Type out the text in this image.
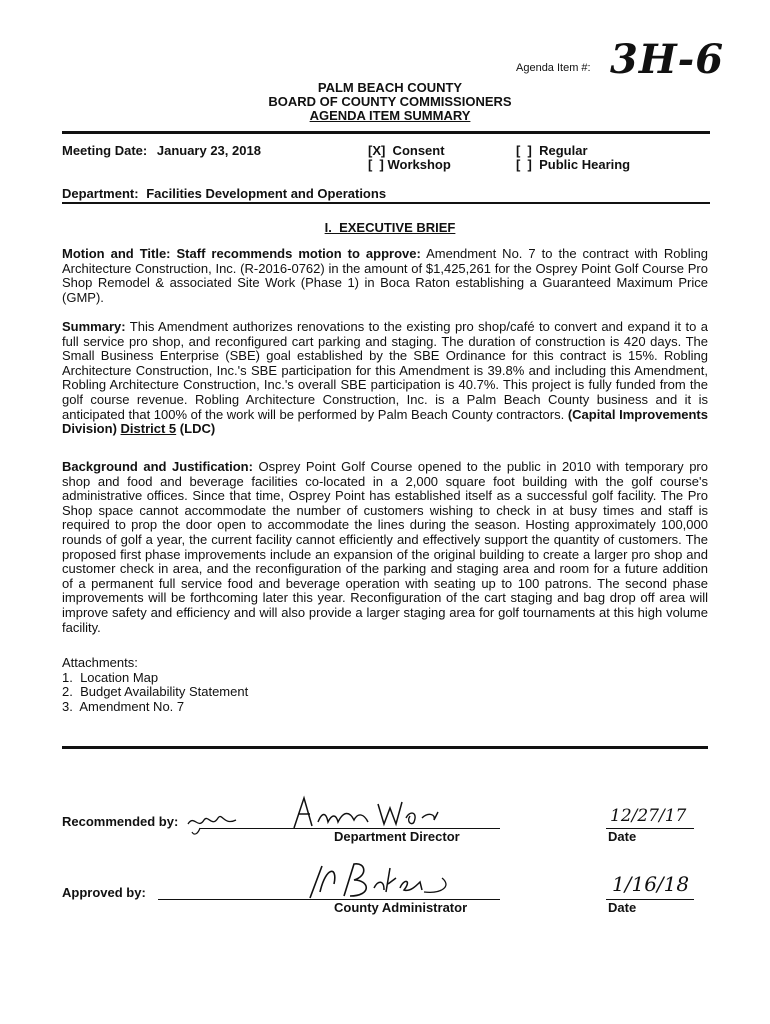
Agenda Item #: 3H-6
PALM BEACH COUNTY
BOARD OF COUNTY COMMISSIONERS
AGENDA ITEM SUMMARY
Meeting Date: January 23, 2018	[X]  Consent
[  ] Workshop
[  ]  Regular
[  ]  Public Hearing
Department: Facilities Development and Operations
I.  EXECUTIVE BRIEF
Motion and Title: Staff recommends motion to approve: Amendment No. 7 to the contract with Robling Architecture Construction, Inc. (R-2016-0762) in the amount of $1,425,261 for the Osprey Point Golf Course Pro Shop Remodel & associated Site Work (Phase 1) in Boca Raton establishing a Guaranteed Maximum Price (GMP).
Summary: This Amendment authorizes renovations to the existing pro shop/café to convert and expand it to a full service pro shop, and reconfigured cart parking and staging. The duration of construction is 420 days. The Small Business Enterprise (SBE) goal established by the SBE Ordinance for this contract is 15%. Robling Architecture Construction, Inc.'s SBE participation for this Amendment is 39.8% and including this Amendment, Robling Architecture Construction, Inc.'s overall SBE participation is 40.7%. This project is fully funded from the golf course revenue. Robling Architecture Construction, Inc. is a Palm Beach County business and it is anticipated that 100% of the work will be performed by Palm Beach County contractors. (Capital Improvements Division) District 5 (LDC)
Background and Justification: Osprey Point Golf Course opened to the public in 2010 with temporary pro shop and food and beverage facilities co-located in a 2,000 square foot building with the golf course's administrative offices. Since that time, Osprey Point has established itself as a successful golf facility. The Pro Shop space cannot accommodate the number of customers wishing to check in at busy times and staff is required to prop the door open to accommodate the lines during the season. Hosting approximately 100,000 rounds of golf a year, the current facility cannot efficiently and effectively support the quantity of customers. The proposed first phase improvements include an expansion of the original building to create a larger pro shop and customer check in area, and the reconfiguration of the parking and staging area and room for a future addition of a permanent full service food and beverage operation with seating up to 100 patrons. The second phase improvements will be forthcoming later this year. Reconfiguration of the cart staging and bag drop off area will improve safety and efficiency and will also provide a larger staging area for golf tournaments at this high volume facility.
Attachments:
1.  Location Map
2.  Budget Availability Statement
3.  Amendment No. 7
Recommended by:
Department Director
12/27/17
Date
Approved by:
County Administrator
1/16/18
Date
